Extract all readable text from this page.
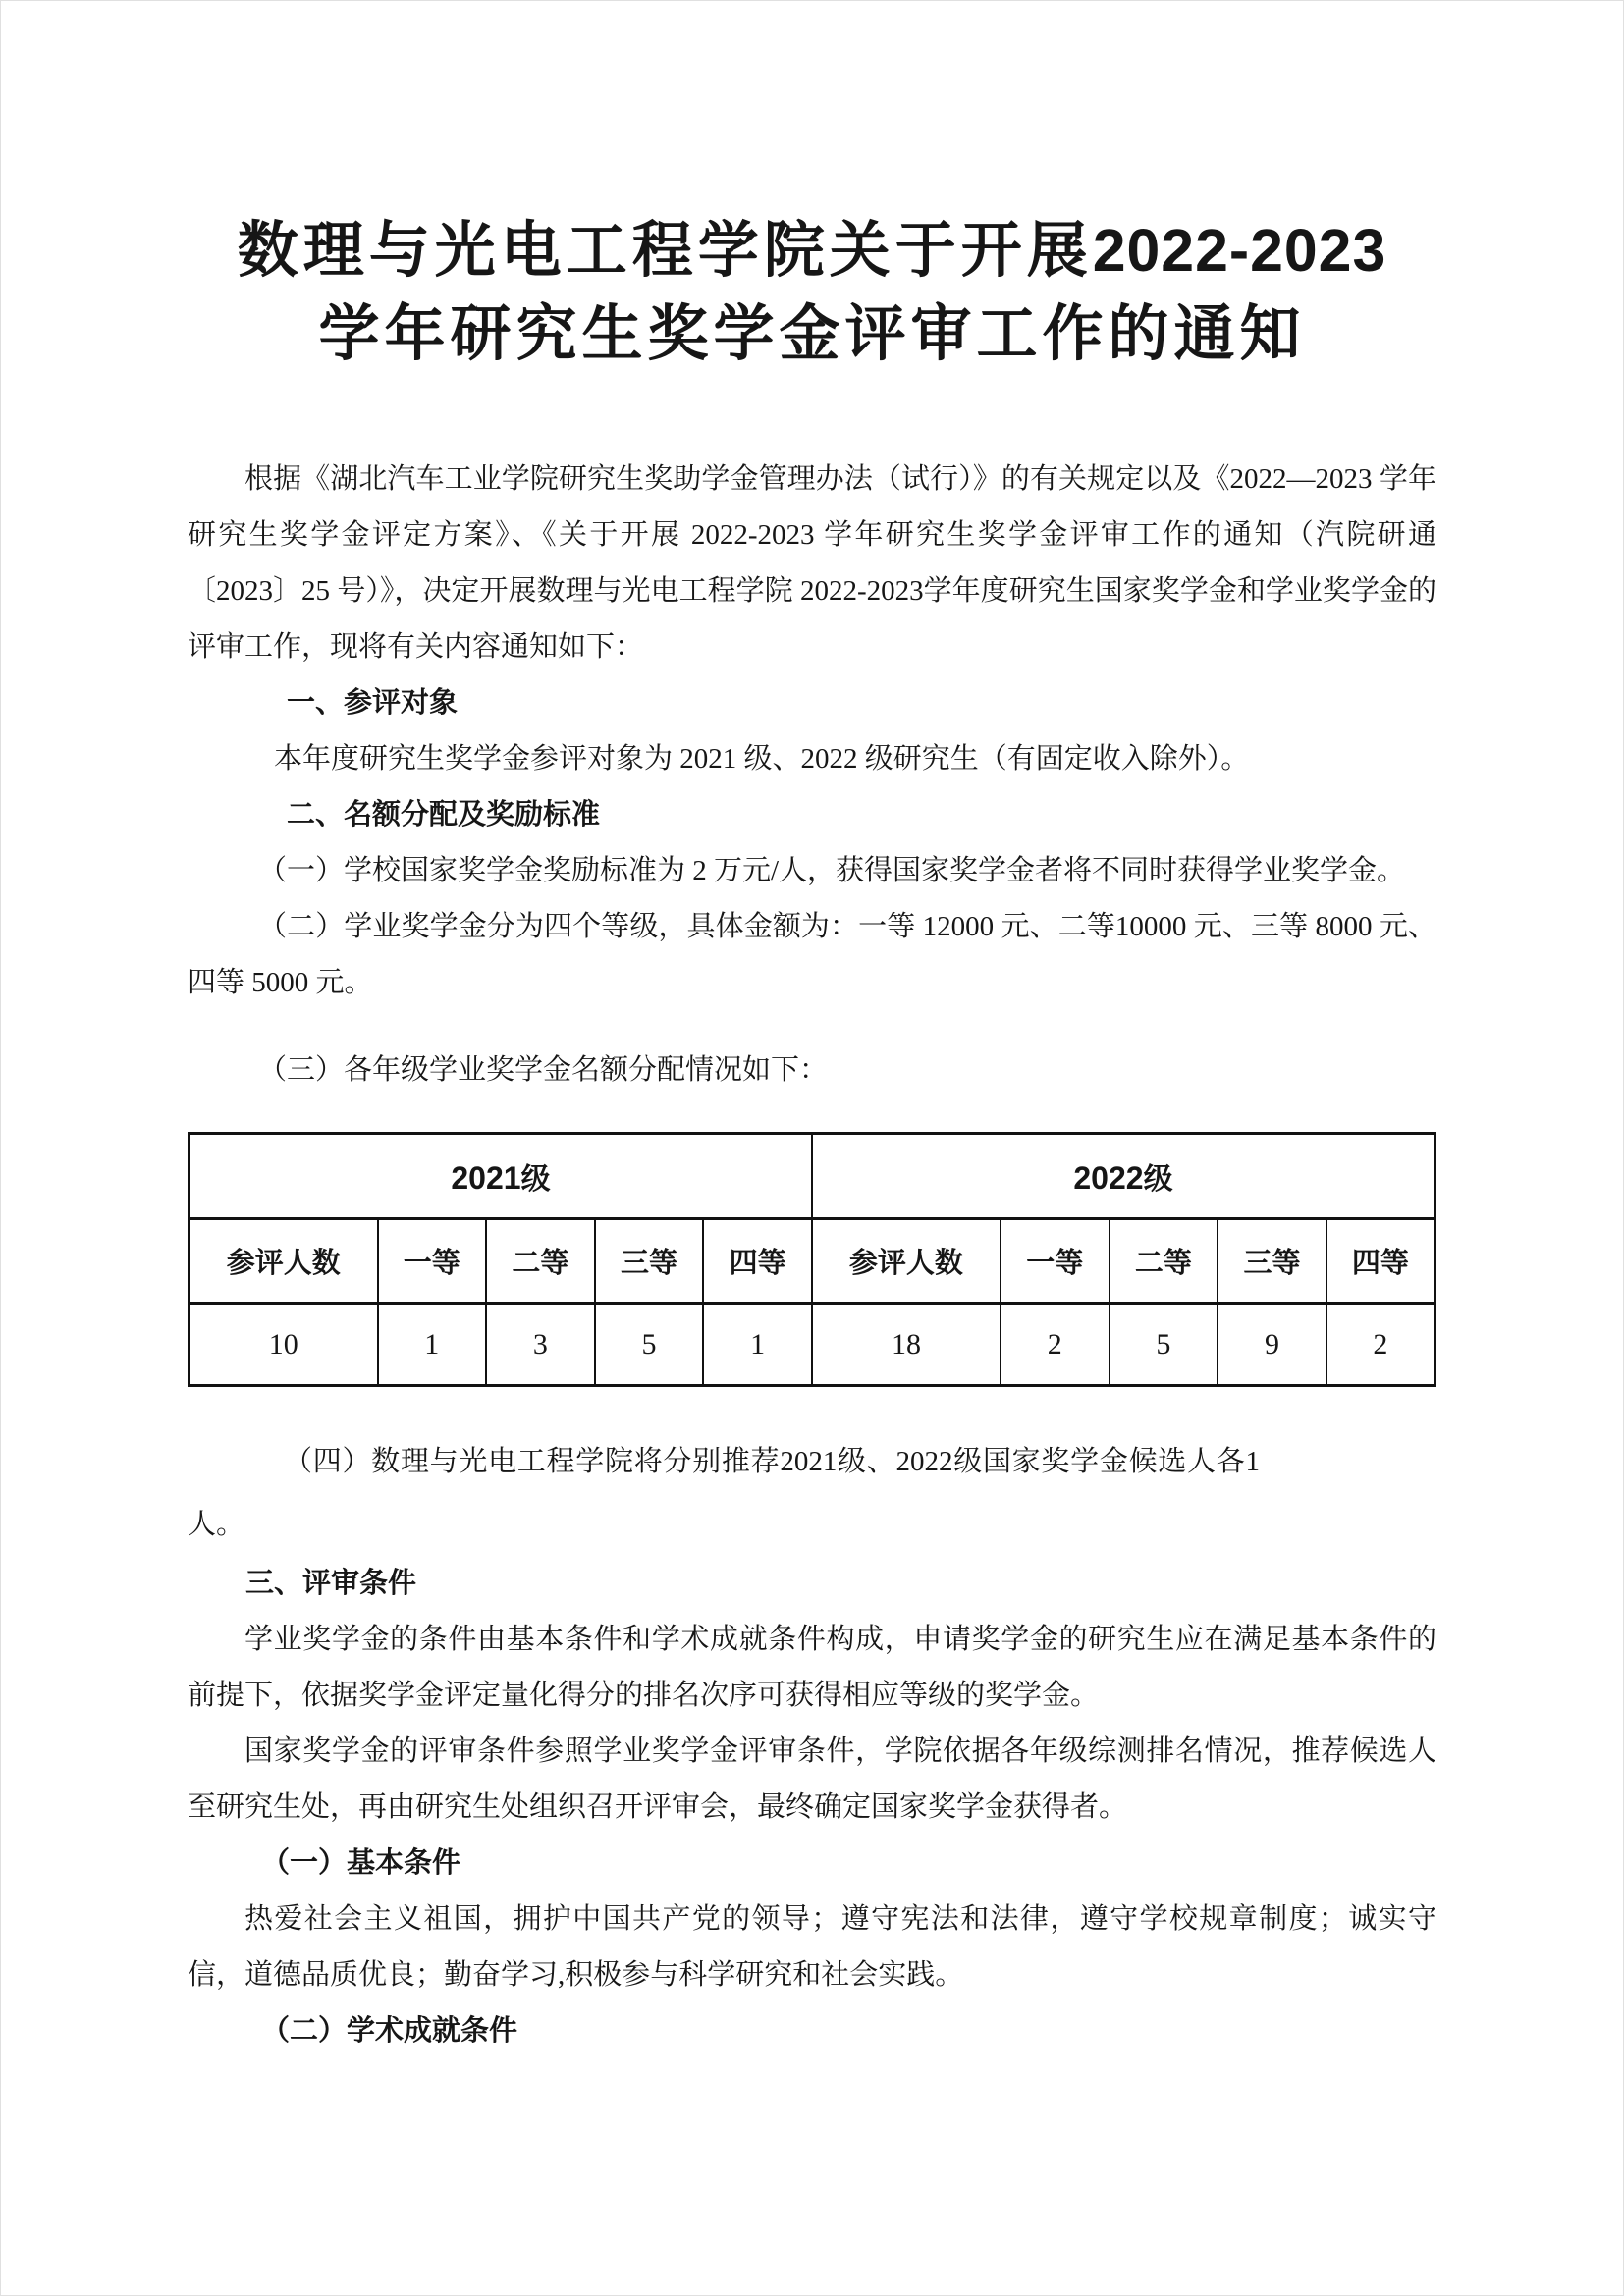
数理与光电工程学院关于开展2022-2023
学年研究生奖学金评审工作的通知

根据《湖北汽车工业学院研究生奖助学金管理办法（试行）》的有关规定以及《2022—2023 学年研究生奖学金评定方案》、《关于开展 2022-2023 学年研究生奖学金评审工作的通知（汽院研通〔2023〕25 号）》，决定开展数理与光电工程学院 2022-2023学年度研究生国家奖学金和学业奖学金的评审工作，现将有关内容通知如下：

一、参评对象

本年度研究生奖学金参评对象为 2021 级、2022 级研究生（有固定收入除外）。

二、名额分配及奖励标准

（一）学校国家奖学金奖励标准为 2 万元/人，获得国家奖学金者将不同时获得学业奖学金。

（二）学业奖学金分为四个等级，具体金额为：一等 12000 元、二等10000 元、三等 8000 元、四等 5000 元。

（三）各年级学业奖学金名额分配情况如下：

2021级					2022级				
参评人数	一等	二等	三等	四等	参评人数	一等	二等	三等	四等
10	1	3	5	1	18	2	5	9	2

（四）数理与光电工程学院将分别推荐2021级、2022级国家奖学金候选人各1人。

三、评审条件

学业奖学金的条件由基本条件和学术成就条件构成，申请奖学金的研究生应在满足基本条件的前提下，依据奖学金评定量化得分的排名次序可获得相应等级的奖学金。

国家奖学金的评审条件参照学业奖学金评审条件，学院依据各年级综测排名情况，推荐候选人至研究生处，再由研究生处组织召开评审会，最终确定国家奖学金获得者。

（一）基本条件

热爱社会主义祖国，拥护中国共产党的领导；遵守宪法和法律，遵守学校规章制度；诚实守信，道德品质优良；勤奋学习,积极参与科学研究和社会实践。

（二）学术成就条件
